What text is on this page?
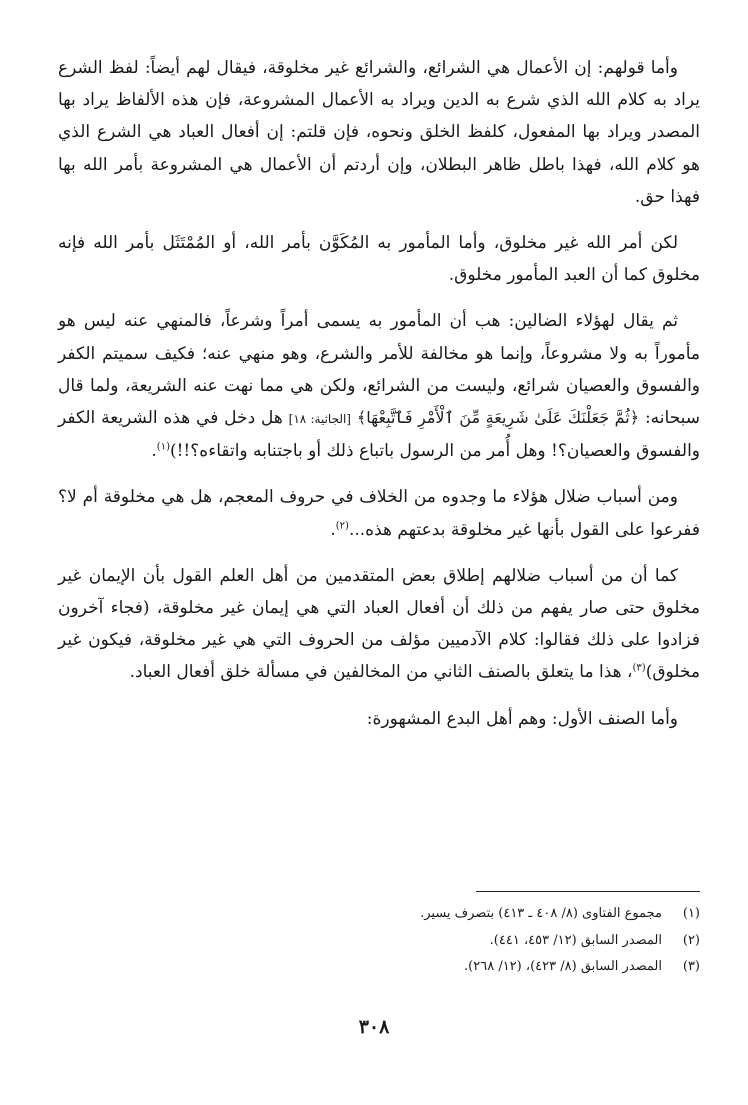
وأما قولهم: إن الأعمال هي الشرائع، والشرائع غير مخلوقة، فيقال لهم أيضاً: لفظ الشرع يراد به كلام الله الذي شرع به الدين ويراد به الأعمال المشروعة، فإن هذه الألفاظ يراد بها المصدر ويراد بها المفعول، كلفظ الخلق ونحوه، فإن قلتم: إن أفعال العباد هي الشرع الذي هو كلام الله، فهذا باطل ظاهر البطلان، وإن أردتم أن الأعمال هي المشروعة بأمر الله بها فهذا حق.

لكن أمر الله غير مخلوق، وأما المأمور به المُكَوَّن بأمر الله، أو المُمْتَثَل بأمر الله فإنه مخلوق كما أن العبد المأمور مخلوق.

ثم يقال لهؤلاء الضالين: هب أن المأمور به يسمى أمراً وشرعاً، فالمنهي عنه ليس هو مأموراً به ولا مشروعاً، وإنما هو مخالفة للأمر والشرع، وهو منهي عنه؛ فكيف سميتم الكفر والفسوق والعصيان شرائع، وليست من الشرائع، ولكن هي مما نهت عنه الشريعة، ولما قال سبحانه: ﴿ثُمَّ جَعَلْنَكَ عَلَىٰ شَرِيعَةٍ مِّنَ ٱلْأَمْرِ فَٱتَّبِعْهَا﴾ [الجاثية: ١٨] هل دخل في هذه الشريعة الكفر والفسوق والعصيان؟! وهل أُمر من الرسول باتباع ذلك أو باجتنابه واتقاءه؟!!)$^{(١)}$.

ومن أسباب ضلال هؤلاء ما وجدوه من الخلاف في حروف المعجم، هل هي مخلوقة أم لا؟ ففرعوا على القول بأنها غير مخلوقة بدعتهم هذه...$^{(٢)}$.

كما أن من أسباب ضلالهم إطلاق بعض المتقدمين من أهل العلم القول بأن الإيمان غير مخلوق حتى صار يفهم من ذلك أن أفعال العباد التي هي إيمان غير مخلوقة، (فجاء آخرون فزادوا على ذلك فقالوا: كلام الآدميين مؤلف من الحروف التي هي غير مخلوقة، فيكون غير مخلوق)$^{(٣)}$، هذا ما يتعلق بالصنف الثاني من المخالفين في مسألة خلق أفعال العباد.

وأما الصنف الأول: وهم أهل البدع المشهورة:

(١)
مجموع الفتاوى (٨/ ٤٠٨ ـ ٤١٣) بتصرف يسير.
(٢)
المصدر السابق (١٢/ ٤٥٣، ٤٤١).
(٣)
المصدر السابق (٨/ ٤٢٣)، (١٢/ ٢٦٨).
٣٠٨
